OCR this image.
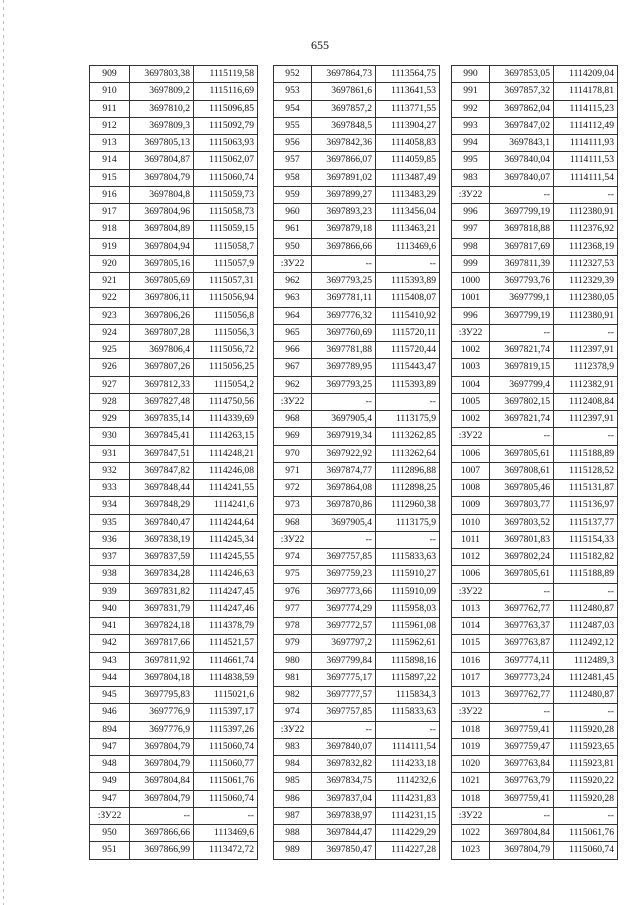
655
909	3697803,38	1115119,58
910	3697809,2	1115116,69
911	3697810,2	1115096,85
912	3697809,3	1115092,79
913	3697805,13	1115063,93
914	3697804,87	1115062,07
915	3697804,79	1115060,74
916	3697804,8	1115059,73
917	3697804,96	1115058,73
918	3697804,89	1115059,15
919	3697804,94	1115058,7
920	3697805,16	1115057,9
921	3697805,69	1115057,31
922	3697806,11	1115056,94
923	3697806,26	1115056,8
924	3697807,28	1115056,3
925	3697806,4	1115056,72
926	3697807,26	1115056,25
927	3697812,33	1115054,2
928	3697827,48	1114750,56
929	3697835,14	1114339,69
930	3697845,41	1114263,15
931	3697847,51	1114248,21
932	3697847,82	1114246,08
933	3697848,44	1114241,55
934	3697848,29	1114241,6
935	3697840,47	1114244,64
936	3697838,19	1114245,34
937	3697837,59	1114245,55
938	3697834,28	1114246,63
939	3697831,82	1114247,45
940	3697831,79	1114247,46
941	3697824,18	1114378,79
942	3697817,66	1114521,57
943	3697811,92	1114661,74
944	3697804,18	1114838,59
945	3697795,83	1115021,6
946	3697776,9	1115397,17
894	3697776,9	1115397,26
947	3697804,79	1115060,74
948	3697804,79	1115060,77
949	3697804,84	1115061,76
947	3697804,79	1115060,74
:ЗУ22	--	--
950	3697866,66	1113469,6
951	3697866,99	1113472,72
952	3697864,73	1113564,75
953	3697861,6	1113641,53
954	3697857,2	1113771,55
955	3697848,5	1113904,27
956	3697842,36	1114058,83
957	3697866,07	1114059,85
958	3697891,02	1113487,49
959	3697899,27	1113483,29
960	3697893,23	1113456,04
961	3697879,18	1113463,21
950	3697866,66	1113469,6
:ЗУ22	--	--
962	3697793,25	1115393,89
963	3697781,11	1115408,07
964	3697776,32	1115410,92
965	3697760,69	1115720,11
966	3697781,88	1115720,44
967	3697789,95	1115443,47
962	3697793,25	1115393,89
:ЗУ22	--	--
968	3697905,4	1113175,9
969	3697919,34	1113262,85
970	3697922,92	1113262,64
971	3697874,77	1112896,88
972	3697864,08	1112898,25
973	3697870,86	1112960,38
968	3697905,4	1113175,9
:ЗУ22	--	--
974	3697757,85	1115833,63
975	3697759,23	1115910,27
976	3697773,66	1115910,09
977	3697774,29	1115958,03
978	3697772,57	1115961,08
979	3697797,2	1115962,61
980	3697799,84	1115898,16
981	3697775,17	1115897,22
982	3697777,57	1115834,3
974	3697757,85	1115833,63
:ЗУ22	--	--
983	3697840,07	1114111,54
984	3697832,82	1114233,18
985	3697834,75	1114232,6
986	3697837,04	1114231,83
987	3697838,97	1114231,15
988	3697844,47	1114229,29
989	3697850,47	1114227,28
990	3697853,05	1114209,04
991	3697857,32	1114178,81
992	3697862,04	1114115,23
993	3697847,02	1114112,49
994	3697843,1	1114111,93
995	3697840,04	1114111,53
983	3697840,07	1114111,54
:ЗУ22	--	--
996	3697799,19	1112380,91
997	3697818,88	1112376,92
998	3697817,69	1112368,19
999	3697811,39	1112327,53
1000	3697793,76	1112329,39
1001	3697799,1	1112380,05
996	3697799,19	1112380,91
:ЗУ22	--	--
1002	3697821,74	1112397,91
1003	3697819,15	1112378,9
1004	3697799,4	1112382,91
1005	3697802,15	1112408,84
1002	3697821,74	1112397,91
:ЗУ22	--	--
1006	3697805,61	1115188,89
1007	3697808,61	1115128,52
1008	3697805,46	1115131,87
1009	3697803,77	1115136,97
1010	3697803,52	1115137,77
1011	3697801,83	1115154,33
1012	3697802,24	1115182,82
1006	3697805,61	1115188,89
:ЗУ22	--	--
1013	3697762,77	1112480,87
1014	3697763,37	1112487,03
1015	3697763,87	1112492,12
1016	3697774,11	1112489,3
1017	3697773,24	1112481,45
1013	3697762,77	1112480,87
:ЗУ22	--	--
1018	3697759,41	1115920,28
1019	3697759,47	1115923,65
1020	3697763,84	1115923,81
1021	3697763,79	1115920,22
1018	3697759,41	1115920,28
:ЗУ22	--	--
1022	3697804,84	1115061,76
1023	3697804,79	1115060,74
